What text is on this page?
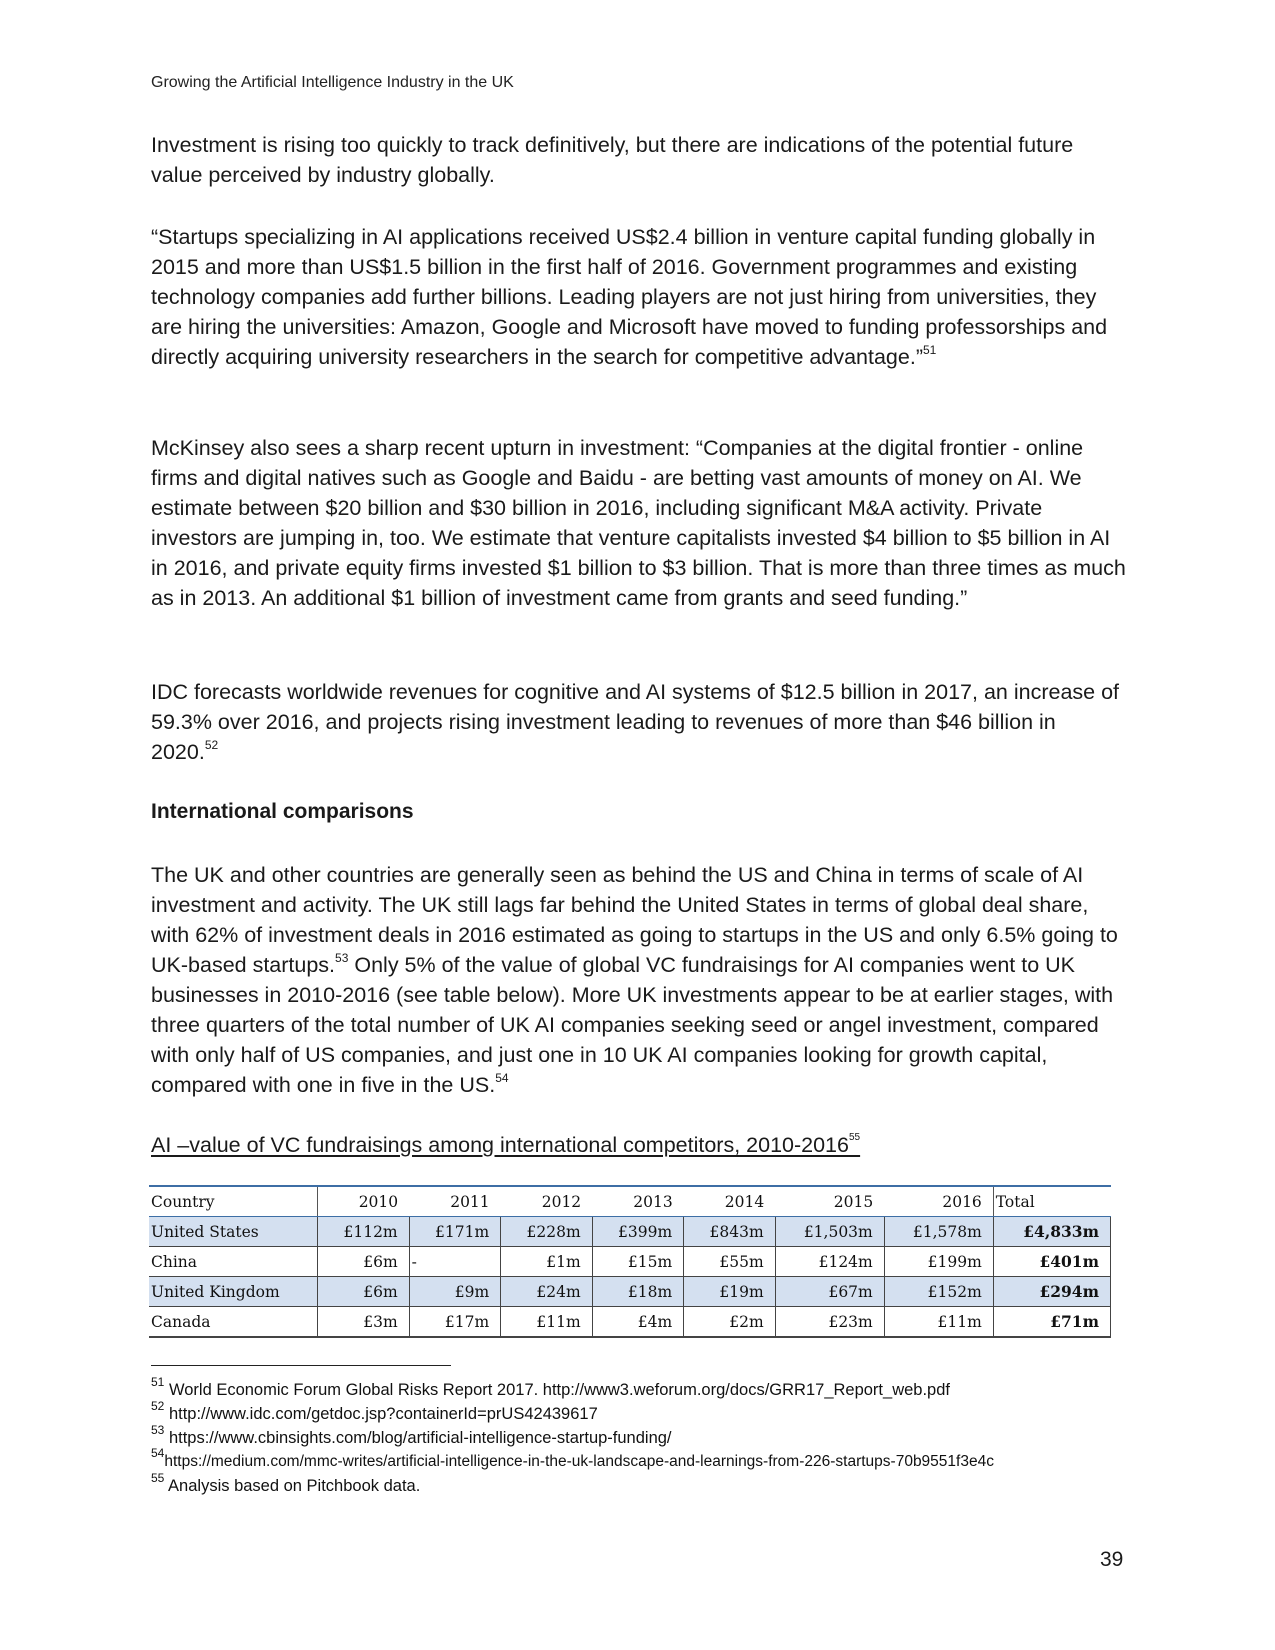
Growing the Artificial Intelligence Industry in the UK
Investment is rising too quickly to track definitively, but there are indications of the potential future value perceived by industry globally.
“Startups specializing in AI applications received US$2.4 billion in venture capital funding globally in 2015 and more than US$1.5 billion in the first half of 2016. Government programmes and existing technology companies add further billions. Leading players are not just hiring from universities, they are hiring the universities: Amazon, Google and Microsoft have moved to funding professorships and directly acquiring university researchers in the search for competitive advantage.”$^{51}$
McKinsey also sees a sharp recent upturn in investment: “Companies at the digital frontier - online firms and digital natives such as Google and Baidu - are betting vast amounts of money on AI. We estimate between $20 billion and $30 billion in 2016, including significant M&A activity. Private investors are jumping in, too. We estimate that venture capitalists invested $4 billion to $5 billion in AI in 2016, and private equity firms invested $1 billion to $3 billion. That is more than three times as much as in 2013. An additional $1 billion of investment came from grants and seed funding.”
IDC forecasts worldwide revenues for cognitive and AI systems of $12.5 billion in 2017, an increase of 59.3% over 2016, and projects rising investment leading to revenues of more than $46 billion in 2020.52
International comparisons
The UK and other countries are generally seen as behind the US and China in terms of scale of AI investment and activity. The UK still lags far behind the United States in terms of global deal share, with 62% of investment deals in 2016 estimated as going to startups in the US and only 6.5% going to UK-based startups.$^{53}$ Only 5% of the value of global VC fundraisings for AI companies went to UK businesses in 2010-2016 (see table below). More UK investments appear to be at earlier stages, with three quarters of the total number of UK AI companies seeking seed or angel investment, compared with only half of US companies, and just one in 10 UK AI companies looking for growth capital, compared with one in five in the US.$^{54}$
AI –value of VC fundraisings among international competitors, 2010-2016$^{55}$
Country	2010	2011	2012	2013	2014	2015	2016	Total
United States	£112m	£171m	£228m	£399m	£843m	£1,503m	£1,578m	£4,833m
China	£6m	-	£1m	£15m	£55m	£124m	£199m	£401m
United Kingdom	£6m	£9m	£24m	£18m	£19m	£67m	£152m	£294m
Canada	£3m	£17m	£11m	£4m	£2m	£23m	£11m	£71m

$^{51}$ World Economic Forum Global Risks Report 2017. http://www3.weforum.org/docs/GRR17_Report_web.pdf

$^{52}$ http://www.idc.com/getdoc.jsp?containerId=prUS42439617

$^{53}$ https://www.cbinsights.com/blog/artificial-intelligence-startup-funding/

$^{54}$https://medium.com/mmc-writes/artificial-intelligence-in-the-uk-landscape-and-learnings-from-226-startups-70b9551f3e4c

$^{55}$ Analysis based on Pitchbook data.

39
